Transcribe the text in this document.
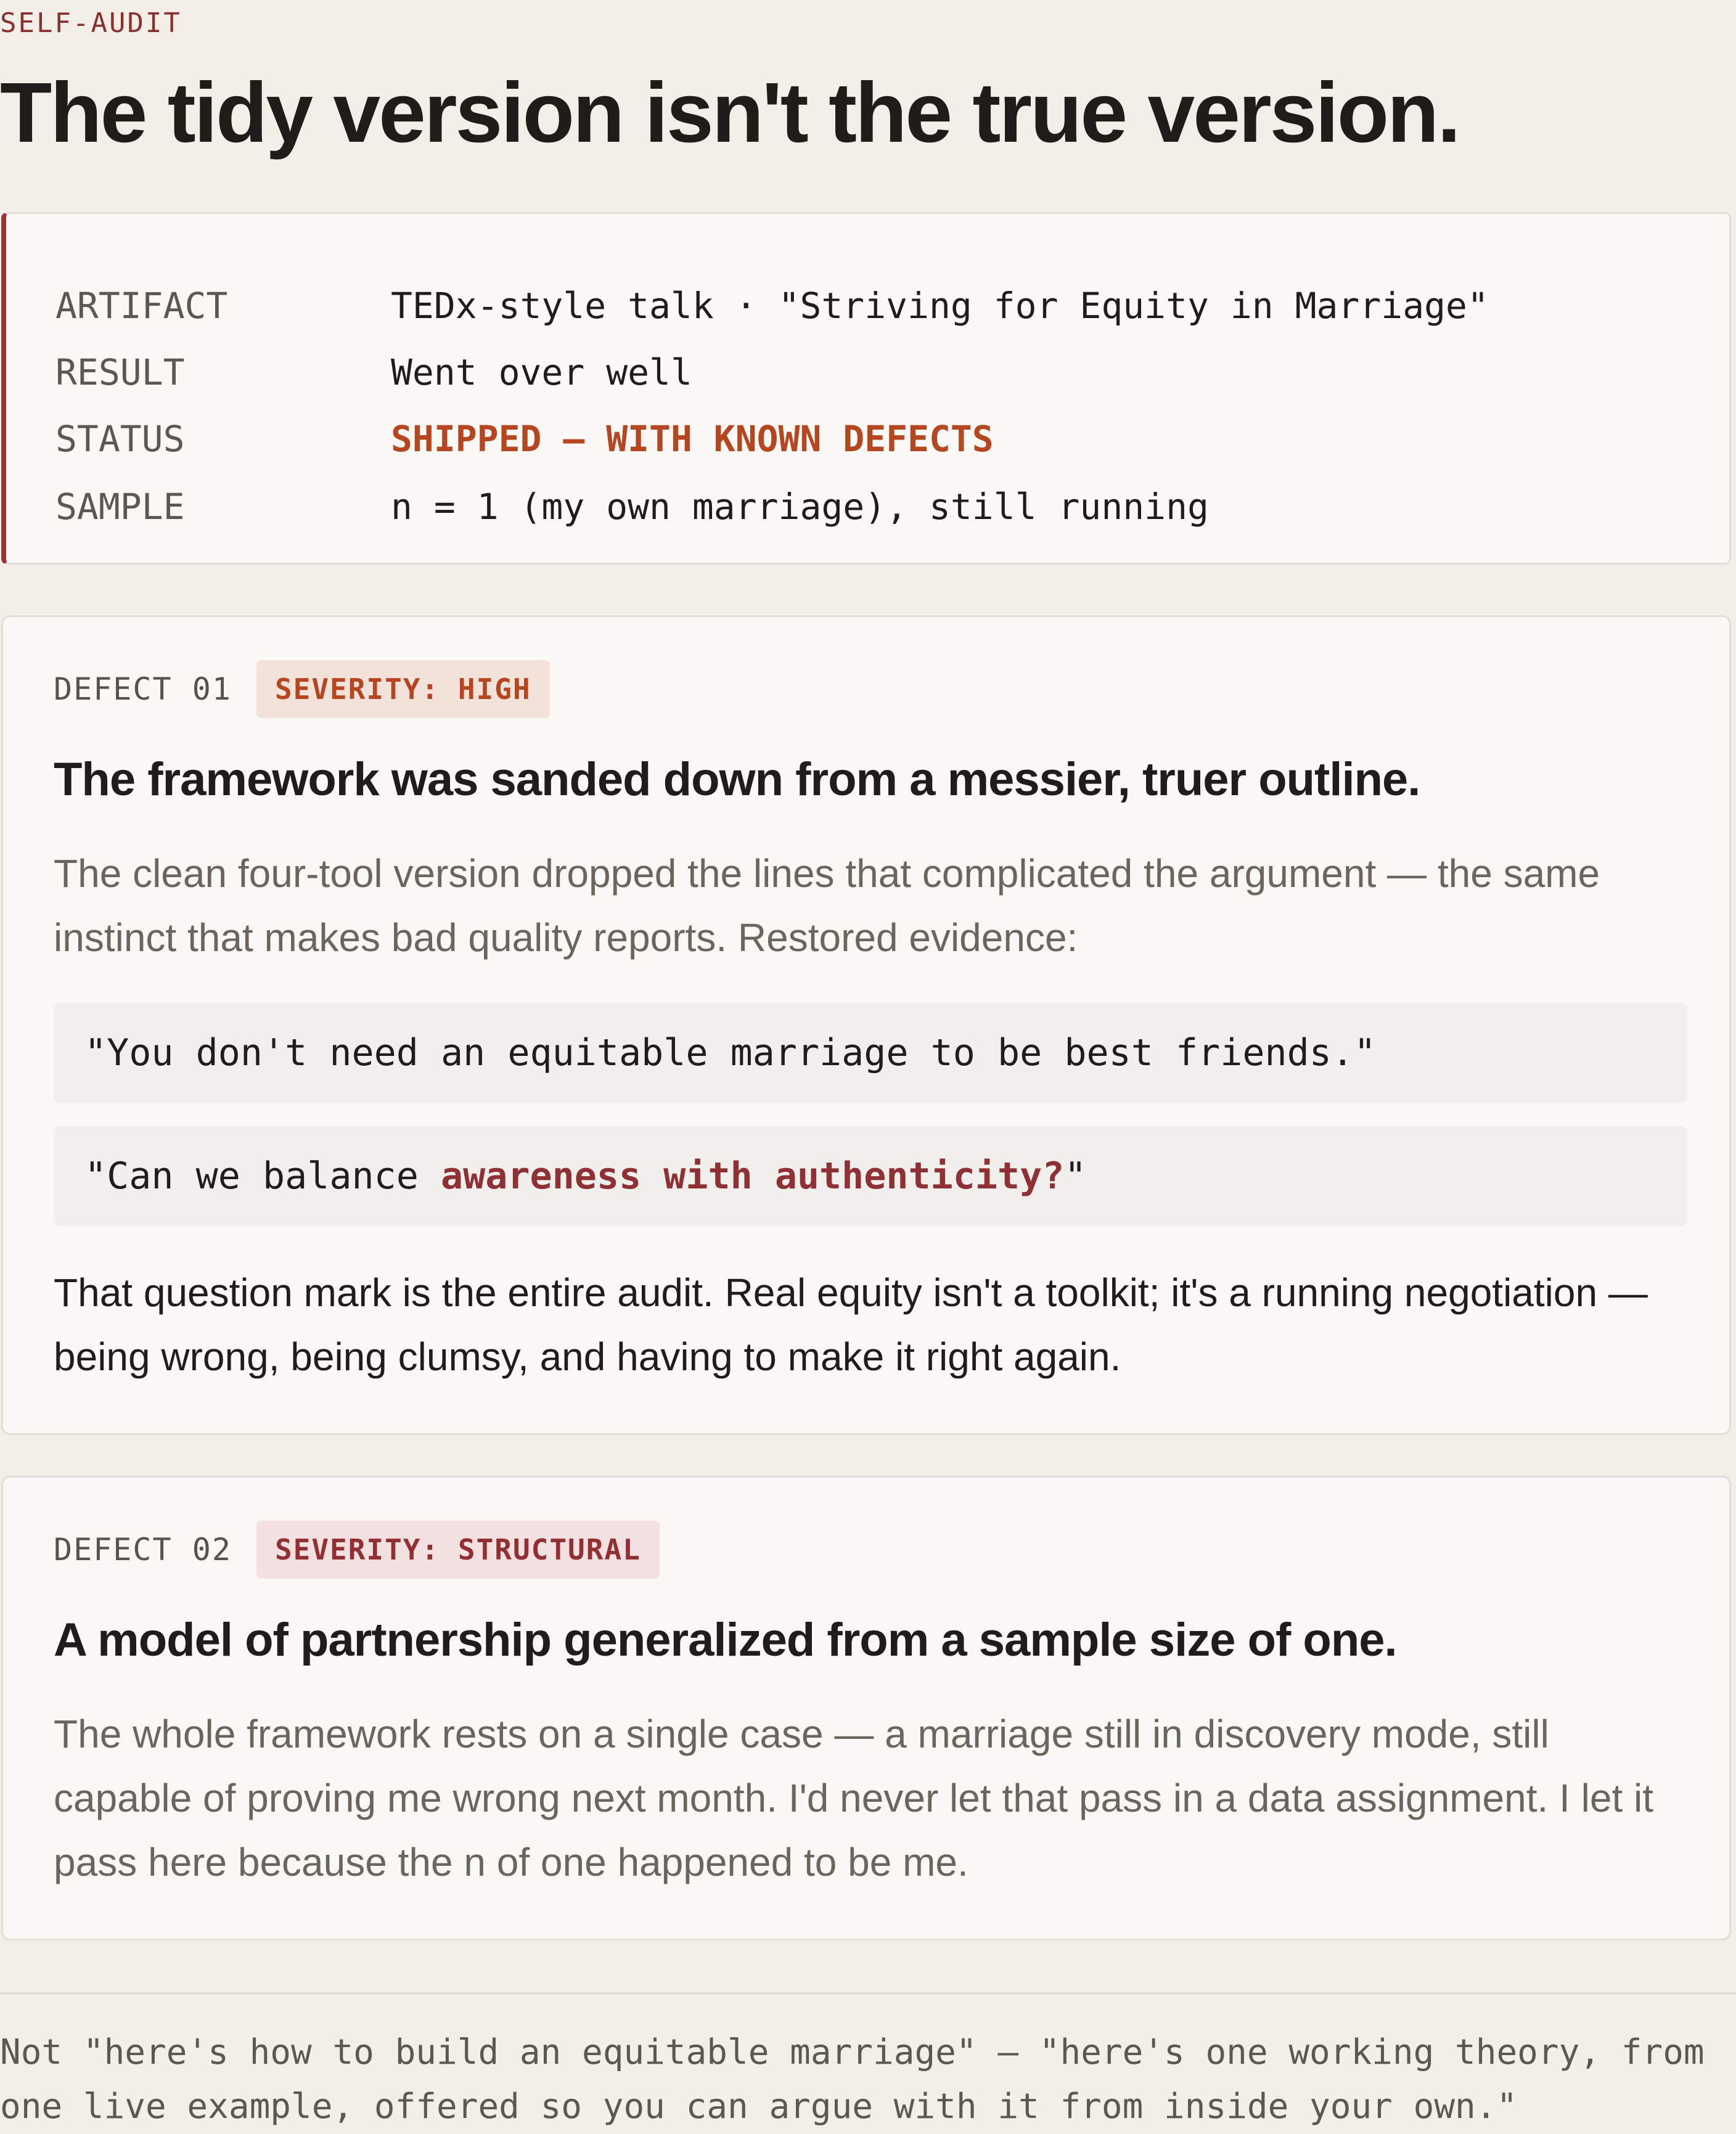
SELF-AUDIT
The tidy version isn't the true version.
ARTIFACT	TEDx-style talk · "Striving for Equity in Marriage"
RESULT	Went over well
STATUS	SHIPPED — WITH KNOWN DEFECTS
SAMPLE	n = 1 (my own marriage), still running
DEFECT 01	SEVERITY: HIGH
The framework was sanded down from a messier, truer outline.

The clean four-tool version dropped the lines that complicated the argument — the same instinct that makes bad quality reports. Restored evidence:

"You don't need an equitable marriage to be best friends."
"Can we balance awareness with authenticity?"

That question mark is the entire audit. Real equity isn't a toolkit; it's a running negotiation — being wrong, being clumsy, and having to make it right again.

DEFECT 02	SEVERITY: STRUCTURAL
A model of partnership generalized from a sample size of one.

The whole framework rests on a single case — a marriage still in discovery mode, still capable of proving me wrong next month. I'd never let that pass in a data assignment. I let it pass here because the n of one happened to be me.

Not "here's how to build an equitable marriage" — "here's one working theory, from one live example, offered so you can argue with it from inside your own."
